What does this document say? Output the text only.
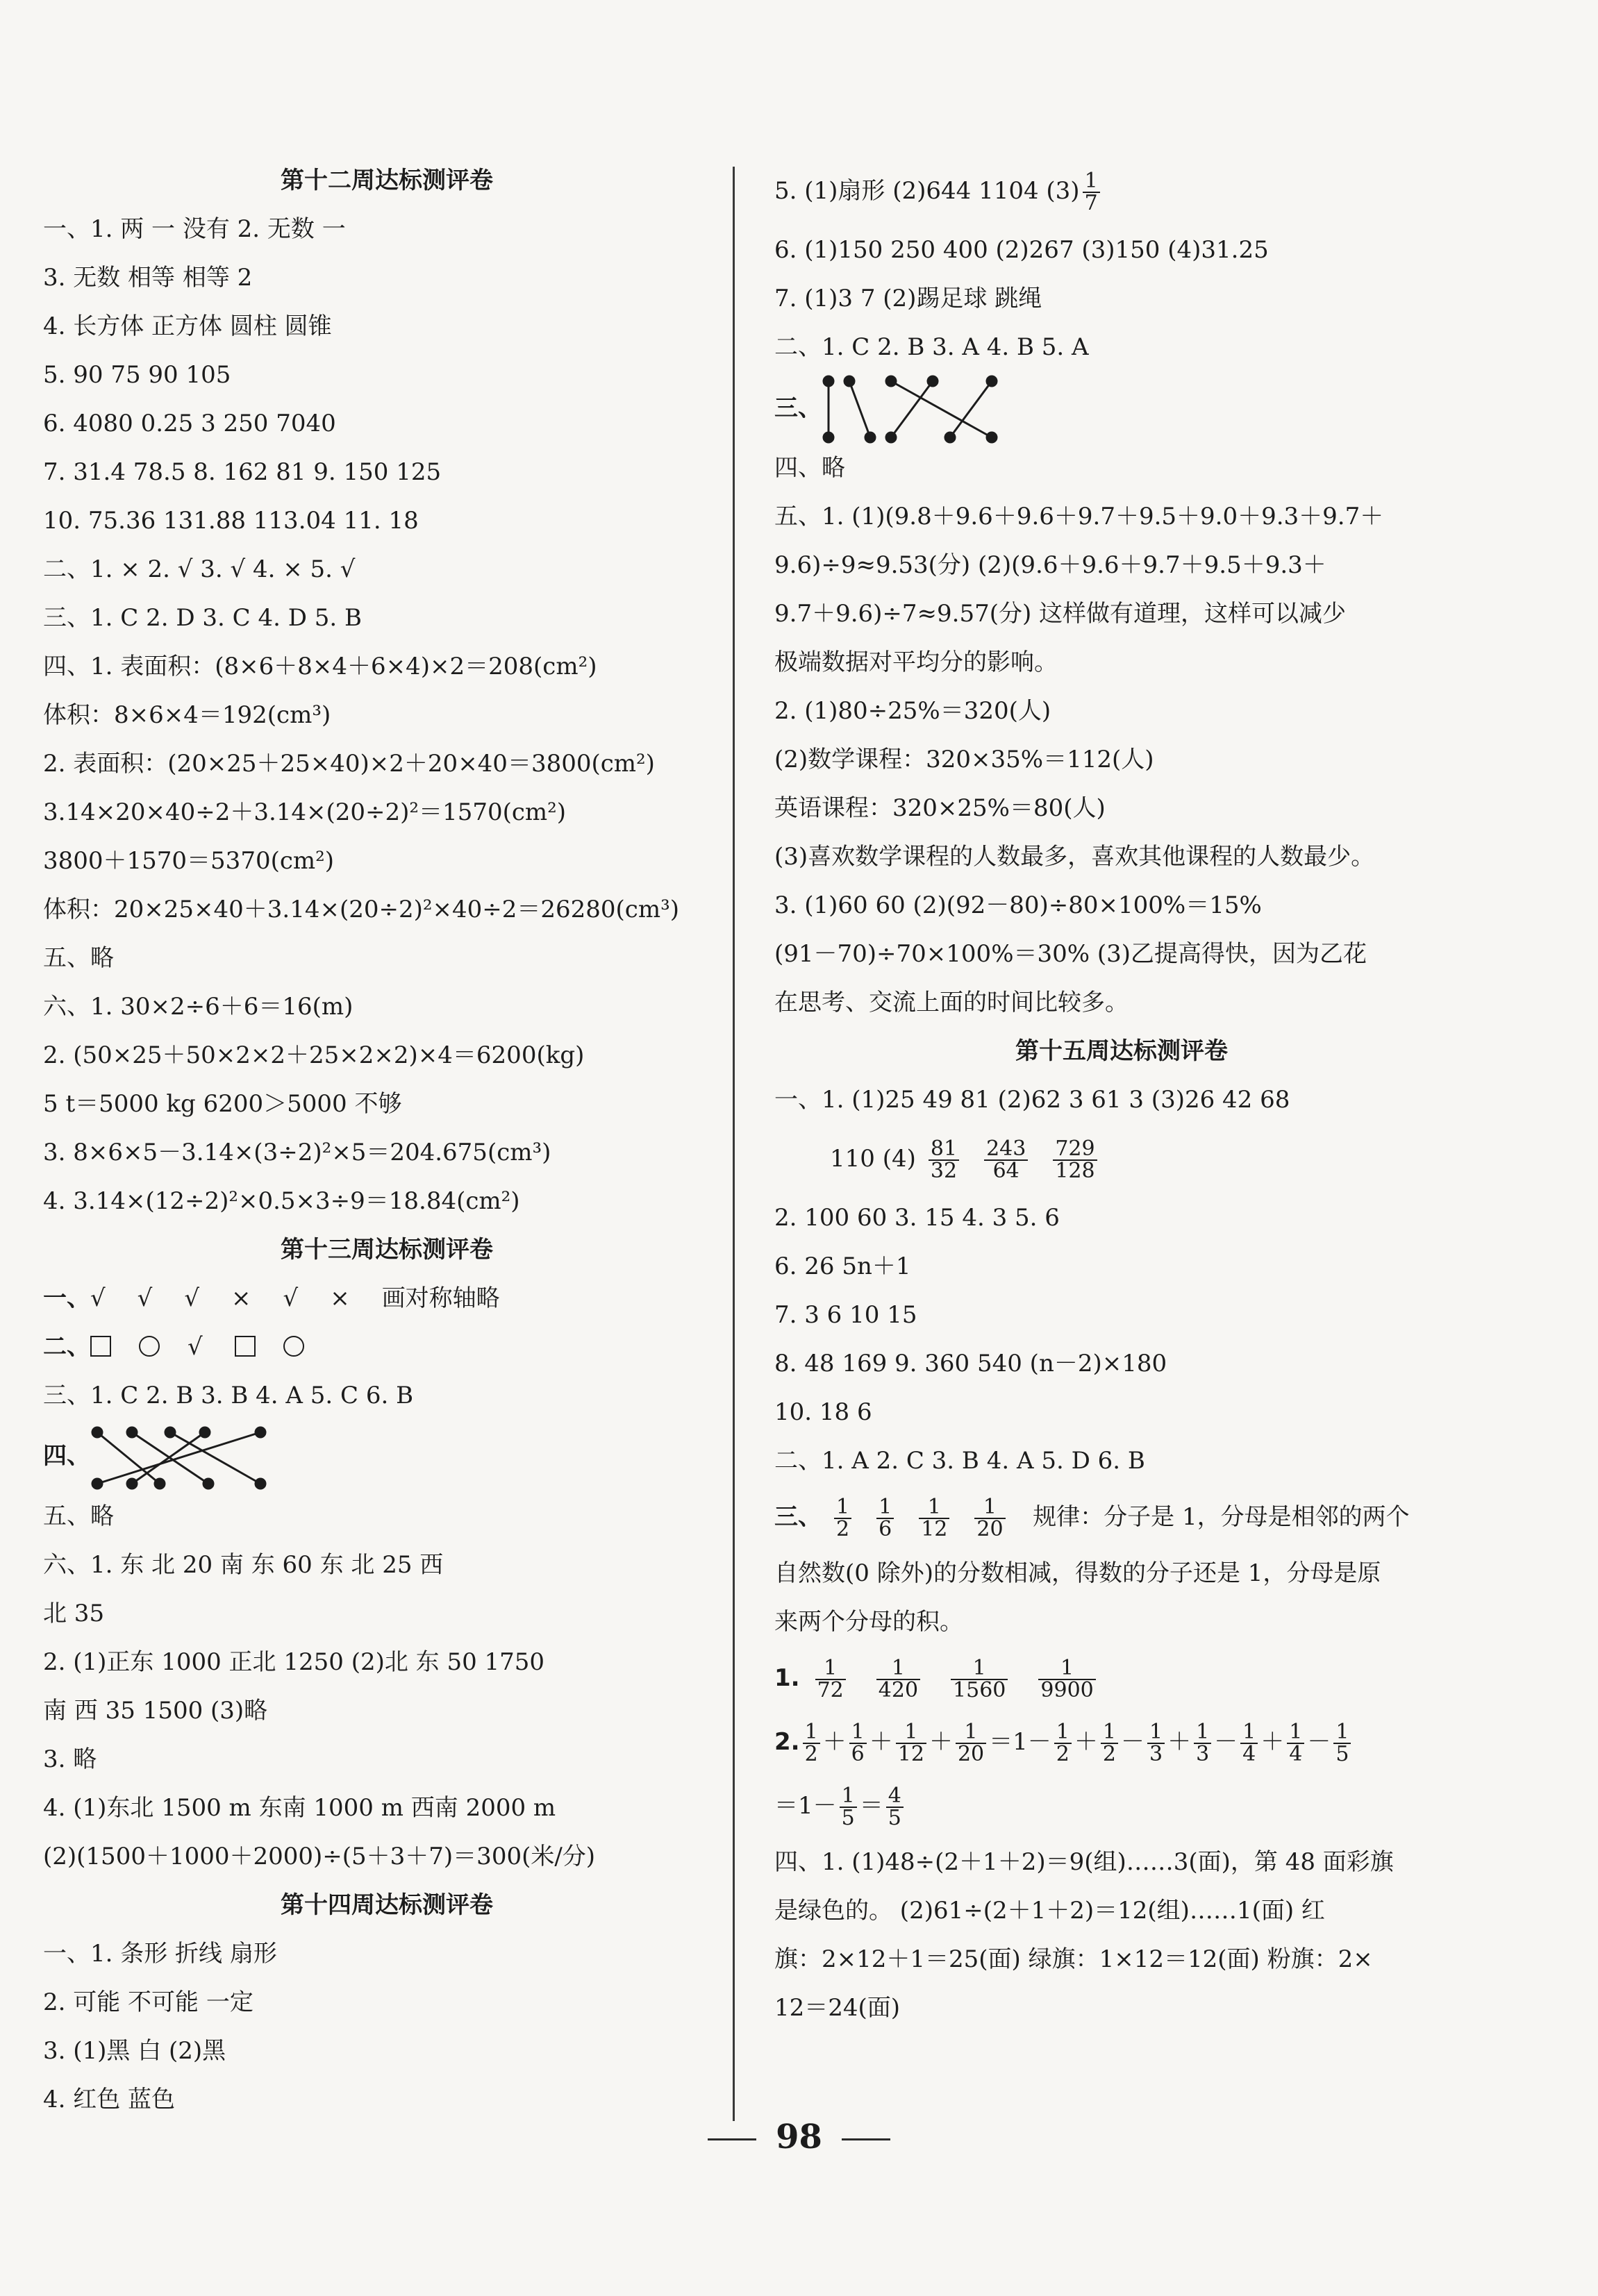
第十二周达标测评卷
一、1. 两 一 没有 2. 无数 一
3. 无数 相等 相等 2
4. 长方体 正方体 圆柱 圆锥
5. 90 75 90 105
6. 4080 0.25 3 250 7040
7. 31.4 78.5 8. 162 81 9. 150 125
10. 75.36 131.88 113.04 11. 18
二、1. × 2. √ 3. √ 4. × 5. √
三、1. C 2. D 3. C 4. D 5. B
四、1. 表面积：(8×6＋8×4＋6×4)×2＝208(cm²)
体积：8×6×4＝192(cm³)
2. 表面积：(20×25＋25×40)×2＋20×40＝3800(cm²)
3.14×20×40÷2＋3.14×(20÷2)²＝1570(cm²)
3800＋1570＝5370(cm²)
体积：20×25×40＋3.14×(20÷2)²×40÷2＝26280(cm³)
五、略
六、1. 30×2÷6＋6＝16(m)
2. (50×25＋50×2×2＋25×2×2)×4＝6200(kg)
5 t＝5000 kg 6200＞5000 不够
3. 8×6×5－3.14×(3÷2)²×5＝204.675(cm³)
4. 3.14×(12÷2)²×0.5×3÷9＝18.84(cm²)
第十三周达标测评卷
一、√ √ √ × √ × 画对称轴略
二、	√
三、1. C 2. B 3. B 4. A 5. C 6. B
四、
五、略
六、1. 东 北 20 南 东 60 东 北 25 西
北 35
2. (1)正东 1000 正北 1250 (2)北 东 50 1750
南 西 35 1500 (3)略
3. 略
4. (1)东北 1500 m 东南 1000 m 西南 2000 m
(2)(1500＋1000＋2000)÷(5＋3＋7)＝300(米/分)
第十四周达标测评卷
一、1. 条形 折线 扇形
2. 可能 不可能 一定
3. (1)黑 白 (2)黑
4. 红色 蓝色
5. (1)扇形 (2)644 1104 $(3) \frac{1}{7}$
6. (1)150 250 400 (2)267 (3)150 (4)31.25
7. (1)3 7 (2)踢足球 跳绳
二、1. C 2. B 3. A 4. B 5. A
三、
四、略
五、1. (1)(9.8＋9.6＋9.6＋9.7＋9.5＋9.0＋9.3＋9.7＋
9.6)÷9≈9.53(分) (2)(9.6＋9.6＋9.7＋9.5＋9.3＋
9.7＋9.6)÷7≈9.57(分) 这样做有道理，这样可以减少
极端数据对平均分的影响。
2. (1)80÷25%＝320(人)
(2)数学课程：320×35%＝112(人)
英语课程：320×25%＝80(人)
(3)喜欢数学课程的人数最多，喜欢其他课程的人数最少。
3. (1)60 60 (2)(92－80)÷80×100%＝15%
(91－70)÷70×100%＝30% (3)乙提高得快，因为乙花
在思考、交流上面的时间比较多。
第十五周达标测评卷
一、1. (1)25 49 81 (2)62 3 61 3 (3)26 42 68
110 $(4) \frac{81}{32} \frac{243}{64} \frac{729}{128}$
2. 100 60 3. 15 4. 3 5. 6
6. 26 5n＋1
7. 3 6 10 15
8. 48 169 9. 360 540 (n－2)×180
10. 18 6
二、1. A 2. C 3. B 4. A 5. D 6. B
三、 $\frac{1}{2} \frac{1}{6} \frac{1}{12} \frac{1}{20}$ 规律：分子是 1，分母是相邻的两个
自然数(0 除外)的分数相减，得数的分子还是 1，分母是原
来两个分母的积。
1. $\frac{1}{72} \frac{1}{420} \frac{1}{1560} \frac{1}{9900}$
2. $\frac{1}{2} + \frac{1}{6} + \frac{1}{12} + \frac{1}{20} =1- \frac{1}{2} + \frac{1}{2} - \frac{1}{3} + \frac{1}{3} - \frac{1}{4} + \frac{1}{4} - \frac{1}{5}$
$=1- \frac{1}{5} = \frac{4}{5}$
四、1. (1)48÷(2＋1＋2)＝9(组)……3(面)，第 48 面彩旗
是绿色的。 (2)61÷(2＋1＋2)＝12(组)……1(面) 红
旗：2×12＋1＝25(面) 绿旗：1×12＝12(面) 粉旗：2×
12＝24(面)
98
